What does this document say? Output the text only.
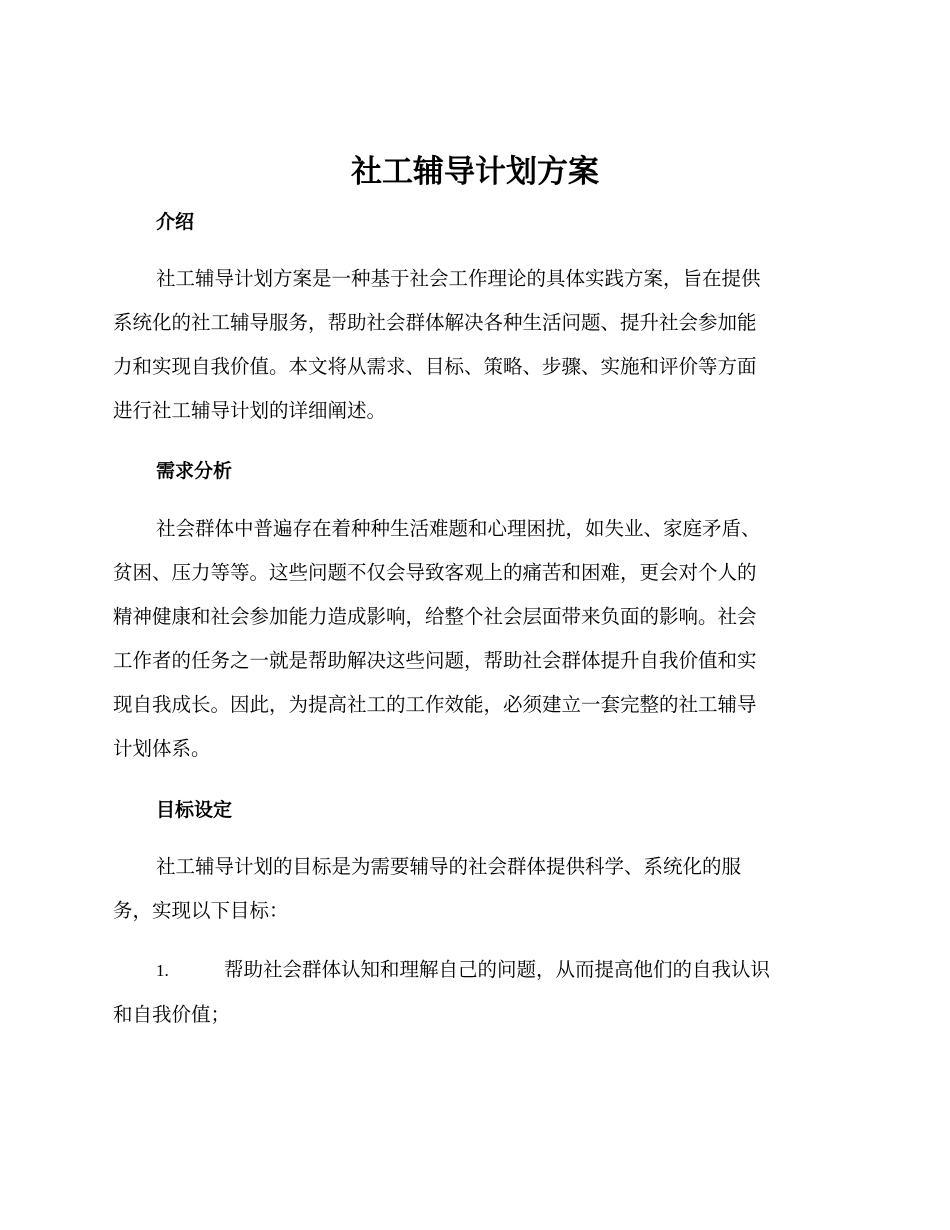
社工辅导计划方案
介绍
社工辅导计划方案是一种基于社会工作理论的具体实践方案，旨在提供
系统化的社工辅导服务，帮助社会群体解决各种生活问题、提升社会参加能
力和实现自我价值。本文将从需求、目标、策略、步骤、实施和评价等方面
进行社工辅导计划的详细阐述。
需求分析
社会群体中普遍存在着种种生活难题和心理困扰，如失业、家庭矛盾、
贫困、压力等等。这些问题不仅会导致客观上的痛苦和困难，更会对个人的
精神健康和社会参加能力造成影响，给整个社会层面带来负面的影响。社会
工作者的任务之一就是帮助解决这些问题，帮助社会群体提升自我价值和实
现自我成长。因此，为提高社工的工作效能，必须建立一套完整的社工辅导
计划体系。
目标设定
社工辅导计划的目标是为需要辅导的社会群体提供科学、系统化的服
务，实现以下目标：
1.	帮助社会群体认知和理解自己的问题，从而提高他们的自我认识
和自我价值；
